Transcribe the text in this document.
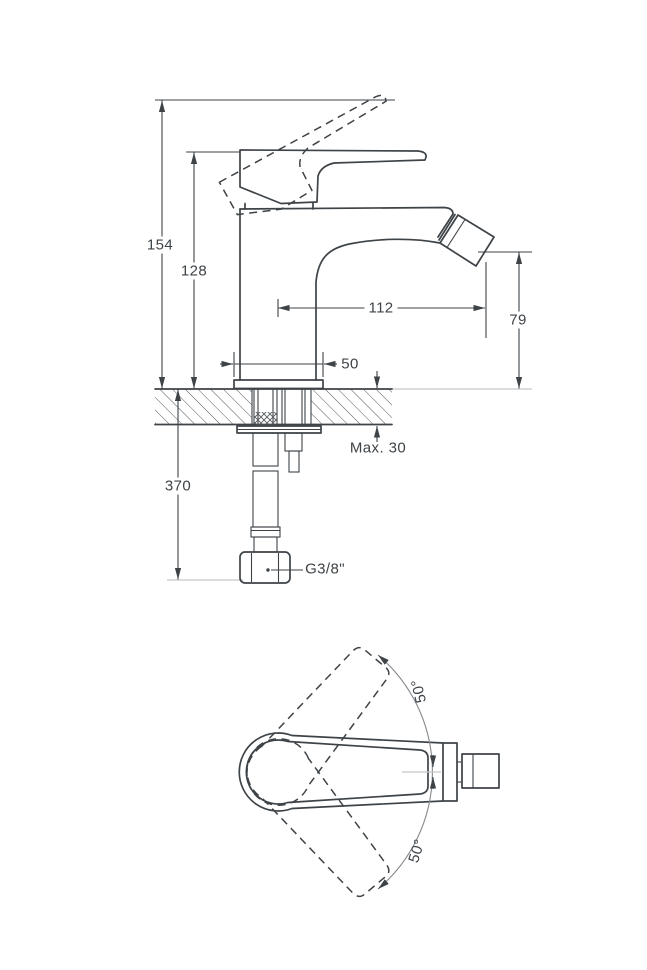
154
128
112
79
50
Max. 30
370
G3/8"
50°
50°
